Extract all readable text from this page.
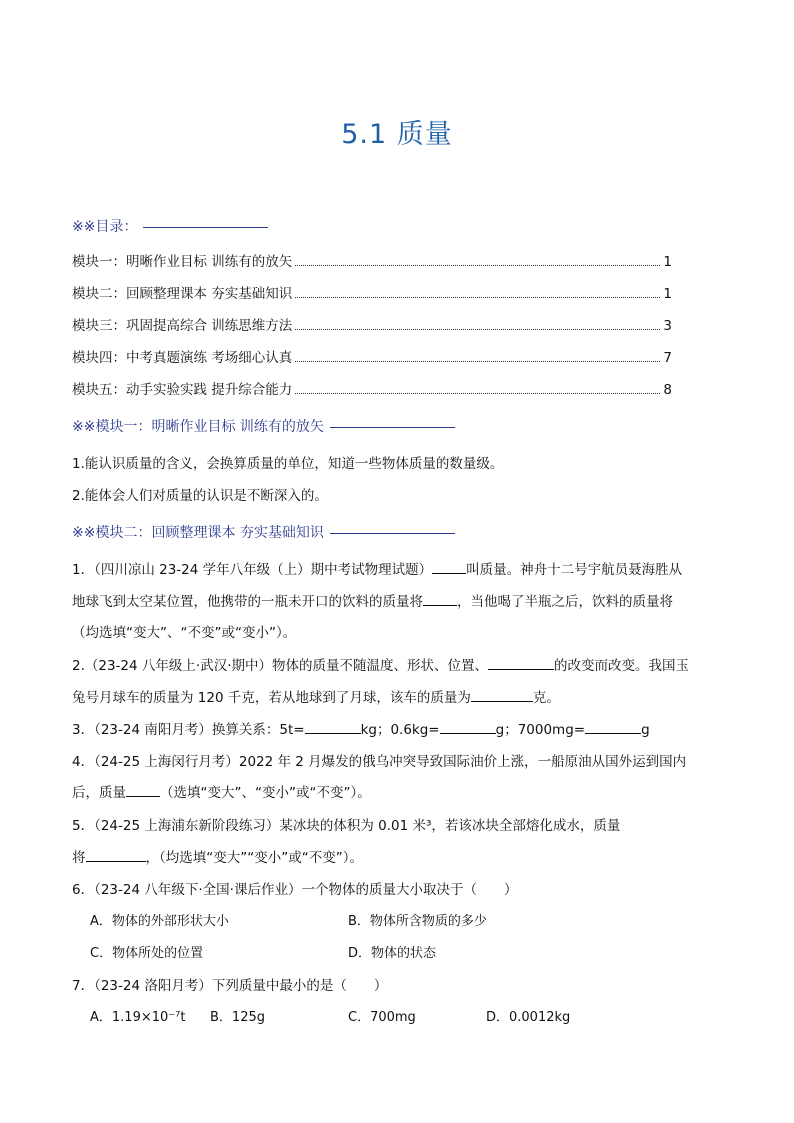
5.1 质量
※※目录：
模块一：明晰作业目标 训练有的放矢	1
模块二：回顾整理课本 夯实基础知识	1
模块三：巩固提高综合 训练思维方法	3
模块四：中考真题演练 考场细心认真	7
模块五：动手实验实践 提升综合能力	8
※※模块一：明晰作业目标 训练有的放矢
1.能认识质量的含义，会换算质量的单位，知道一些物体质量的数量级。
2.能体会人们对质量的认识是不断深入的。
※※模块二：回顾整理课本 夯实基础知识
1．（四川凉山 23-24 学年八年级（上）期中考试物理试题）	叫质量。神舟十二号宇航员聂海胜从
地球飞到太空某位置，他携带的一瓶未开口的饮料的质量将	，当他喝了半瓶之后，饮料的质量将
（均选填“变大”、“不变”或“变小”）。
2.（23-24 八年级上·武汉·期中）物体的质量不随温度、形状、位置、	的改变而改变。我国玉
兔号月球车的质量为 120 千克，若从地球到了月球，该车的质量为	克。
3．（23-24 南阳月考）换算关系：5t=	kg；0.6kg=	g；7000mg=	g
4．（24-25 上海闵行月考）2022 年 2 月爆发的俄乌冲突导致国际油价上涨，一船原油从国外运到国内
后，质量	（选填“变大”、“变小”或“不变”）。
5．（24-25 上海浦东新阶段练习）某冰块的体积为 0.01 米³，若该冰块全部熔化成水，质量
将	，（均选填“变大”“变小”或“不变”）。
6．（23-24 八年级下·全国·课后作业）一个物体的质量大小取决于（　　）
A．物体的外部形状大小	B．物体所含物质的多少
C．物体所处的位置	D．物体的状态
7．（23-24 洛阳月考）下列质量中最小的是（　　）
A．1.19×10⁻⁷t B．125g	C．700mg	D．0.0012kg
